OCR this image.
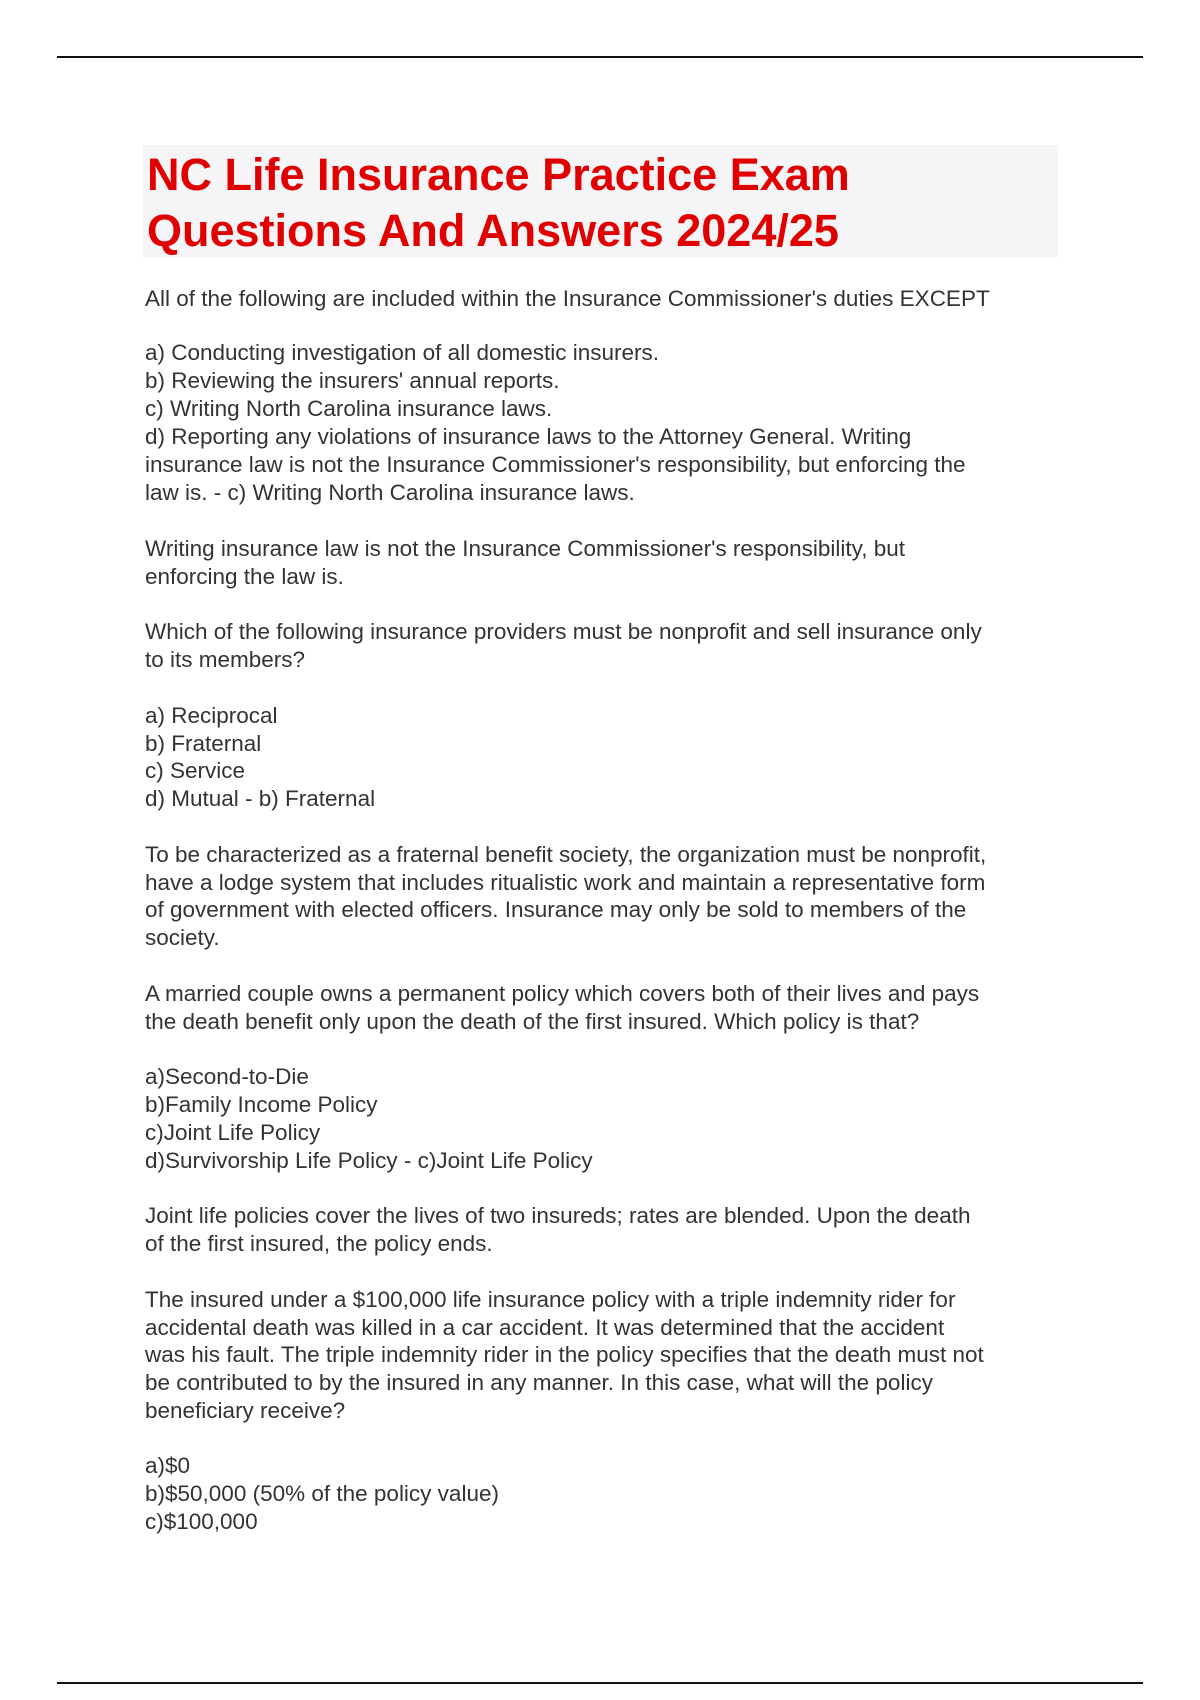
NC Life Insurance Practice Exam
Questions And Answers 2024/25

All of the following are included within the Insurance Commissioner's duties EXCEPT

a) Conducting investigation of all domestic insurers.

b) Reviewing the insurers' annual reports.

c) Writing North Carolina insurance laws.

d) Reporting any violations of insurance laws to the Attorney General. Writing

insurance law is not the Insurance Commissioner's responsibility, but enforcing the

law is. - c) Writing North Carolina insurance laws.

Writing insurance law is not the Insurance Commissioner's responsibility, but

enforcing the law is.

Which of the following insurance providers must be nonprofit and sell insurance only

to its members?

a) Reciprocal

b) Fraternal

c) Service

d) Mutual - b) Fraternal

To be characterized as a fraternal benefit society, the organization must be nonprofit,

have a lodge system that includes ritualistic work and maintain a representative form

of government with elected officers. Insurance may only be sold to members of the

society.

A married couple owns a permanent policy which covers both of their lives and pays

the death benefit only upon the death of the first insured. Which policy is that?

a)Second-to-Die

b)Family Income Policy

c)Joint Life Policy

d)Survivorship Life Policy - c)Joint Life Policy

Joint life policies cover the lives of two insureds; rates are blended. Upon the death

of the first insured, the policy ends.

The insured under a $100,000 life insurance policy with a triple indemnity rider for

accidental death was killed in a car accident. It was determined that the accident

was his fault. The triple indemnity rider in the policy specifies that the death must not

be contributed to by the insured in any manner. In this case, what will the policy

beneficiary receive?

a)$0

b)$50,000 (50% of the policy value)

c)$100,000
